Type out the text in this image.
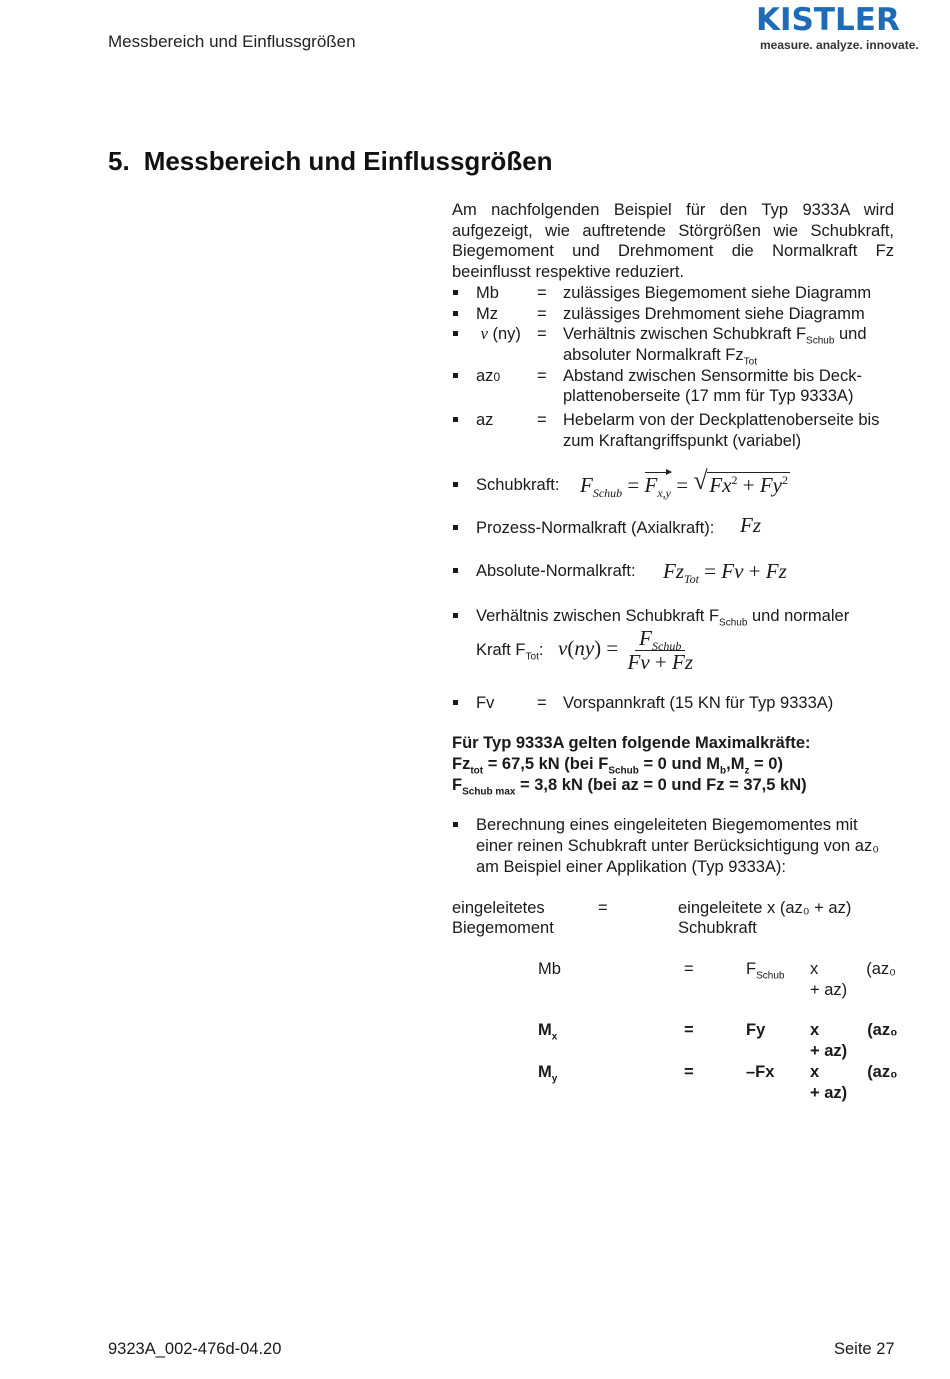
Messbereich und Einflussgrößen
KISTLER
measure. analyze. innovate.
5. Messbereich und Einflussgrößen

Am nachfolgenden Beispiel für den Typ 9333A wird aufgezeigt, wie auftretende Störgrößen wie Schubkraft, Biegemoment und Drehmoment die Normalkraft Fz beeinflusst respektive reduziert.

Mb	= zulässiges Biegemoment siehe Diagramm
Mz	= zulässiges Drehmoment siehe Diagramm
ν (ny) = Verhältnis zwischen Schubkraft $F_{Schub}$ und absoluter Normalkraft $Fz_{Tot}$
az0	= Abstand zwischen Sensormitte bis Deck-plattenoberseite (17 mm für Typ 9333A)
az	= Hebelarm von der Deckplattenoberseite bis zum Kraftangriffspunkt (variabel)
Schubkraft: $F_{Schub} = F_{x,y}$ = √ $Fx^2 + Fy^2$
Prozess-Normalkraft (Axialkraft):	Fz
Absolute-Normalkraft:	$Fz_{Tot} = Fv + Fz$
Verhältnis zwischen Schubkraft $F_{Schub}$ und normaler
Kraft $F_{Tot}$: $\nu(ny) = \frac{F_{Schub}}{Fv + Fz}$
Fv	= Vorspannkraft (15 KN für Typ 9333A)
Für Typ 9333A gelten folgende Maximalkräfte:
$Fz_{tot} = 67,5$ kN (bei $F_{Schub} = 0$ und $M_b,M_z = 0$)
$F_{Schub max} = 3,8$ kN (bei az = 0 und Fz = 37,5 kN)
Berechnung eines eingeleiteten Biegemomentes mit einer reinen Schubkraft unter Berücksichtigung von az₀ am Beispiel einer Applikation (Typ 9333A):
eingeleitetes	=	eingeleitete x (az₀ + az)
Biegemoment	Schubkraft
Mb	=	$F_{Schub}$	x	(az₀ + az)
$M_x$	=	Fy	x	(az₀ + az)
$M_y$	=	–Fx	x	(az₀ + az)
9323A_002-476d-04.20	Seite 27
